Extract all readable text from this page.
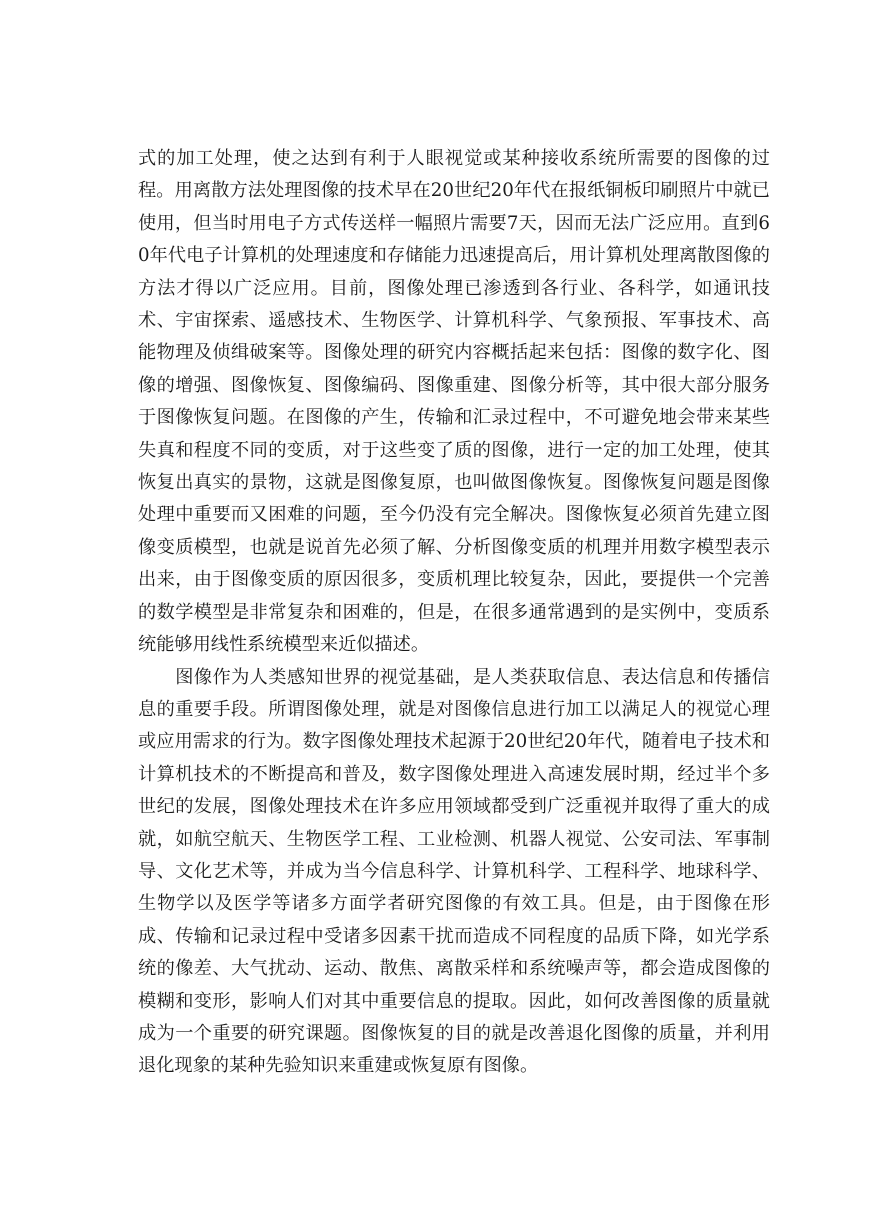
式的加工处理，使之达到有利于人眼视觉或某种接收系统所需要的图像的过程。用离散方法处理图像的技术早在20世纪20年代在报纸铜板印刷照片中就已使用，但当时用电子方式传送样一幅照片需要7天，因而无法广泛应用。直到60年代电子计算机的处理速度和存储能力迅速提高后，用计算机处理离散图像的方法才得以广泛应用。目前，图像处理已渗透到各行业、各科学，如通讯技术、宇宙探索、遥感技术、生物医学、计算机科学、气象预报、军事技术、高能物理及侦缉破案等。图像处理的研究内容概括起来包括：图像的数字化、图像的增强、图像恢复、图像编码、图像重建、图像分析等，其中很大部分服务于图像恢复问题。在图像的产生，传输和汇录过程中，不可避免地会带来某些失真和程度不同的变质，对于这些变了质的图像，进行一定的加工处理，使其恢复出真实的景物，这就是图像复原，也叫做图像恢复。图像恢复问题是图像处理中重要而又困难的问题，至今仍没有完全解决。图像恢复必须首先建立图像变质模型，也就是说首先必须了解、分析图像变质的机理并用数字模型表示出来，由于图像变质的原因很多，变质机理比较复杂，因此，要提供一个完善的数学模型是非常复杂和困难的，但是，在很多通常遇到的是实例中，变质系统能够用线性系统模型来近似描述。

图像作为人类感知世界的视觉基础，是人类获取信息、表达信息和传播信息的重要手段。所谓图像处理，就是对图像信息进行加工以满足人的视觉心理或应用需求的行为。数字图像处理技术起源于20世纪20年代，随着电子技术和计算机技术的不断提高和普及，数字图像处理进入高速发展时期，经过半个多世纪的发展，图像处理技术在许多应用领域都受到广泛重视并取得了重大的成就，如航空航天、生物医学工程、工业检测、机器人视觉、公安司法、军事制导、文化艺术等，并成为当今信息科学、计算机科学、工程科学、地球科学、生物学以及医学等诸多方面学者研究图像的有效工具。但是，由于图像在形成、传输和记录过程中受诸多因素干扰而造成不同程度的品质下降，如光学系统的像差、大气扰动、运动、散焦、离散采样和系统噪声等，都会造成图像的模糊和变形，影响人们对其中重要信息的提取。因此，如何改善图像的质量就成为一个重要的研究课题。图像恢复的目的就是改善退化图像的质量，并利用退化现象的某种先验知识来重建或恢复原有图像。
